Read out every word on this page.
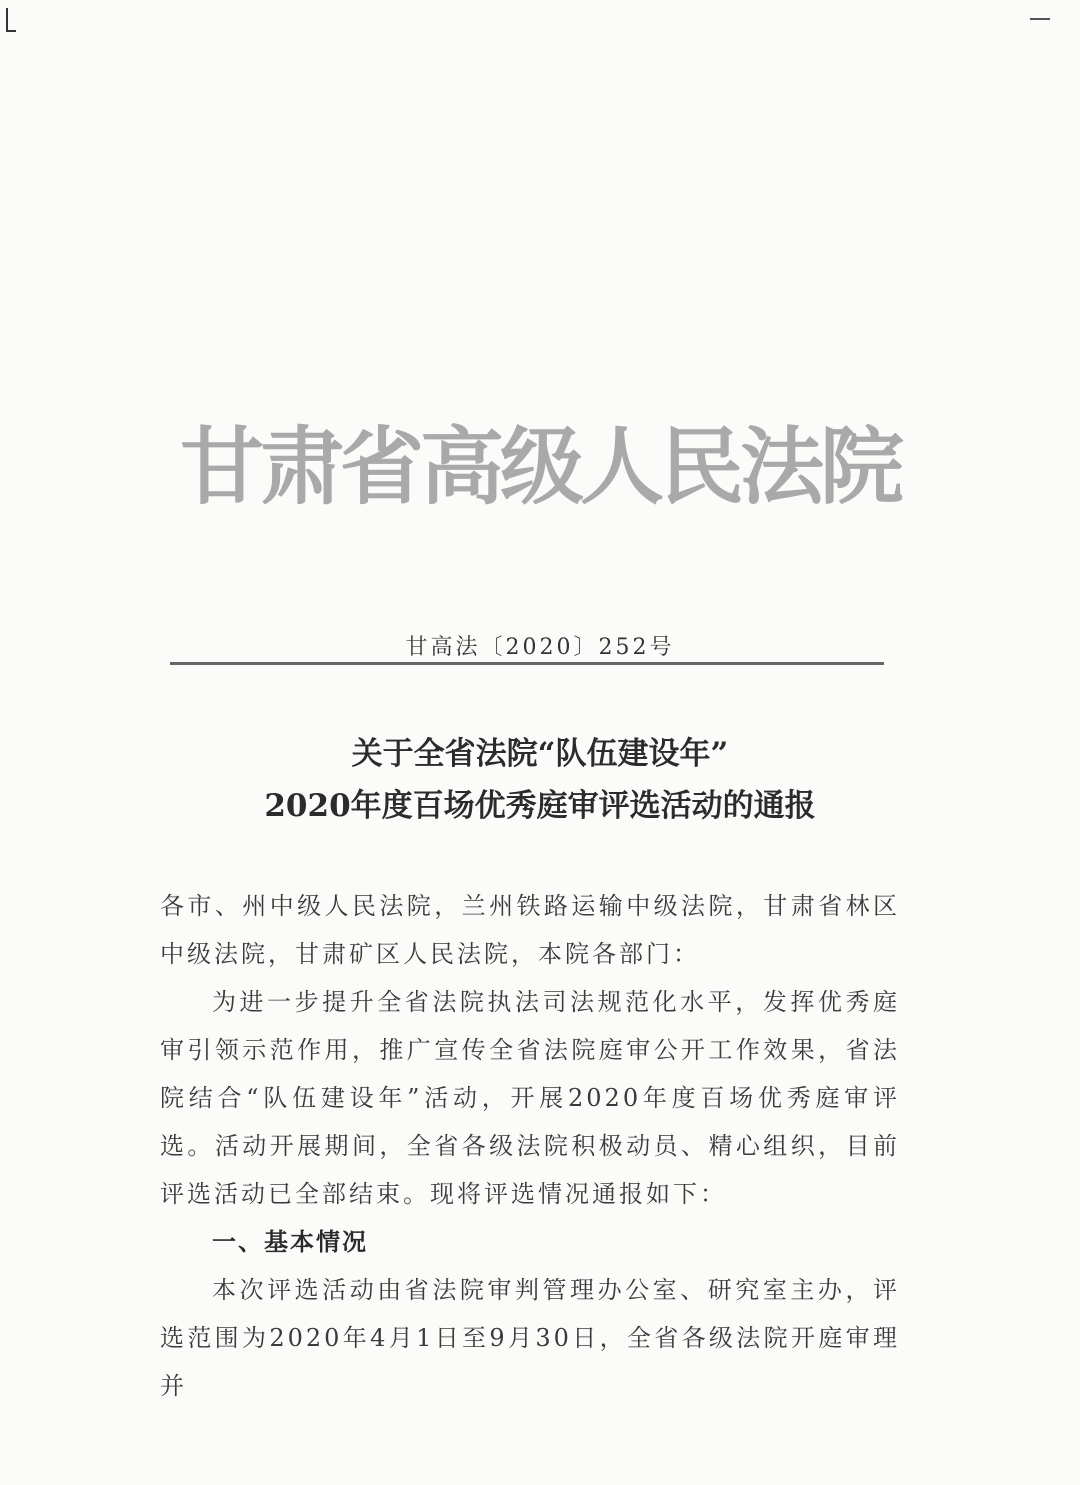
甘肃省高级人民法院
甘高法〔2020〕252号
关于全省法院“队伍建设年”
2020年度百场优秀庭审评选活动的通报

各市、州中级人民法院，兰州铁路运输中级法院，甘肃省林区中级法院，甘肃矿区人民法院，本院各部门：

为进一步提升全省法院执法司法规范化水平，发挥优秀庭审引领示范作用，推广宣传全省法院庭审公开工作效果，省法院结合“队伍建设年”活动，开展2020年度百场优秀庭审评选。活动开展期间，全省各级法院积极动员、精心组织，目前评选活动已全部结束。现将评选情况通报如下：

一、基本情况

本次评选活动由省法院审判管理办公室、研究室主办，评选范围为2020年4月1日至9月30日，全省各级法院开庭审理并
